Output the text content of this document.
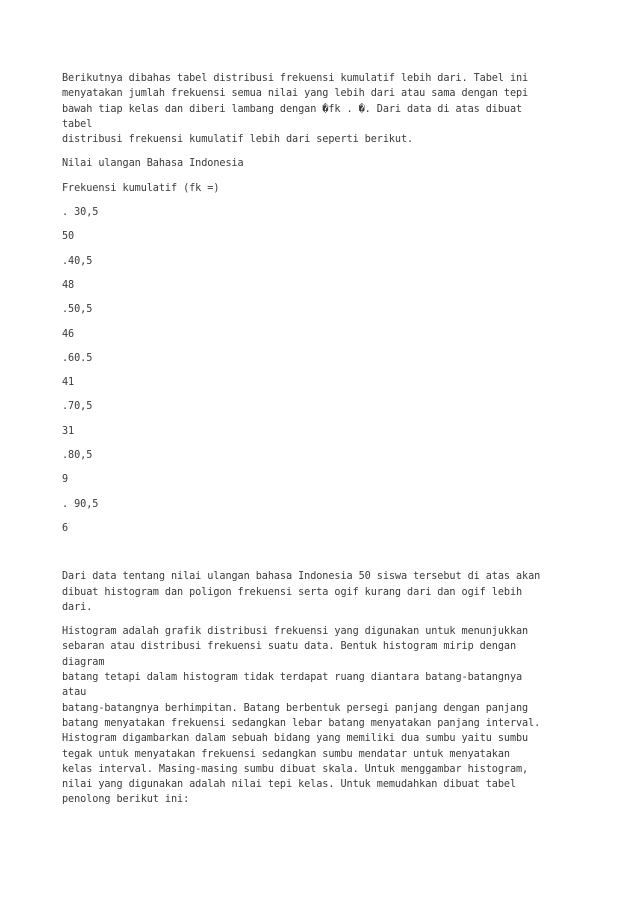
Berikutnya dibahas tabel distribusi frekuensi kumulatif lebih dari. Tabel ini
menyatakan jumlah frekuensi semua nilai yang lebih dari atau sama dengan tepi
bawah tiap kelas dan diberi lambang dengan �fk . �. Dari data di atas dibuat
tabel
distribusi frekuensi kumulatif lebih dari seperti berikut.
Nilai ulangan Bahasa Indonesia
Frekuensi kumulatif (fk =)
. 30,5
50
.40,5
48
.50,5
46
.60.5
41
.70,5
31
.80,5
9
. 90,5
6
Dari data tentang nilai ulangan bahasa Indonesia 50 siswa tersebut di atas akan
dibuat histogram dan poligon frekuensi serta ogif kurang dari dan ogif lebih
dari.
Histogram adalah grafik distribusi frekuensi yang digunakan untuk menunjukkan
sebaran atau distribusi frekuensi suatu data. Bentuk histogram mirip dengan
diagram
batang tetapi dalam histogram tidak terdapat ruang diantara batang-batangnya
atau
batang-batangnya berhimpitan. Batang berbentuk persegi panjang dengan panjang
batang menyatakan frekuensi sedangkan lebar batang menyatakan panjang interval.
Histogram digambarkan dalam sebuah bidang yang memiliki dua sumbu yaitu sumbu
tegak untuk menyatakan frekuensi sedangkan sumbu mendatar untuk menyatakan
kelas interval. Masing-masing sumbu dibuat skala. Untuk menggambar histogram,
nilai yang digunakan adalah nilai tepi kelas. Untuk memudahkan dibuat tabel
penolong berikut ini:
